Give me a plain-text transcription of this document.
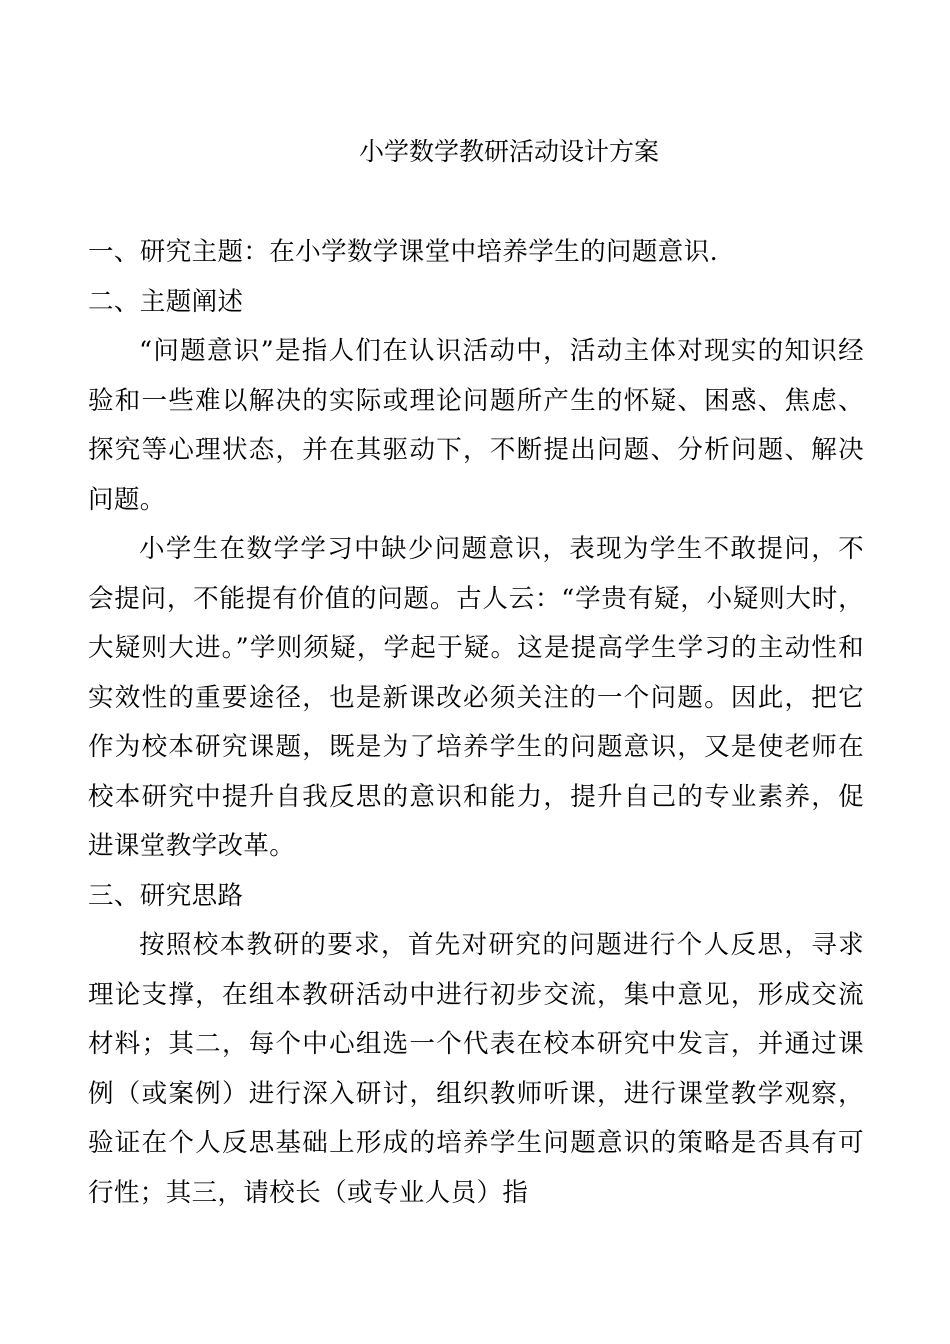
小学数学教研活动设计方案

一、研究主题：在小学数学课堂中培养学生的问题意识.

二、主题阐述

“问题意识”是指人们在认识活动中，活动主体对现实的知识经验和一些难以解决的实际或理论问题所产生的怀疑、困惑、焦虑、探究等心理状态，并在其驱动下，不断提出问题、分析问题、解决问题。

小学生在数学学习中缺少问题意识，表现为学生不敢提问，不会提问，不能提有价值的问题。古人云：“学贵有疑，小疑则大时，大疑则大进。”学则须疑，学起于疑。这是提高学生学习的主动性和实效性的重要途径，也是新课改必须关注的一个问题。因此，把它作为校本研究课题，既是为了培养学生的问题意识，又是使老师在校本研究中提升自我反思的意识和能力，提升自己的专业素养，促进课堂教学改革。

三、研究思路

按照校本教研的要求，首先对研究的问题进行个人反思，寻求理论支撑，在组本教研活动中进行初步交流，集中意见，形成交流材料；其二，每个中心组选一个代表在校本研究中发言，并通过课例（或案例）进行深入研讨，组织教师听课，进行课堂教学观察，验证在个人反思基础上形成的培养学生问题意识的策略是否具有可行性；其三，请校长（或专业人员）指
